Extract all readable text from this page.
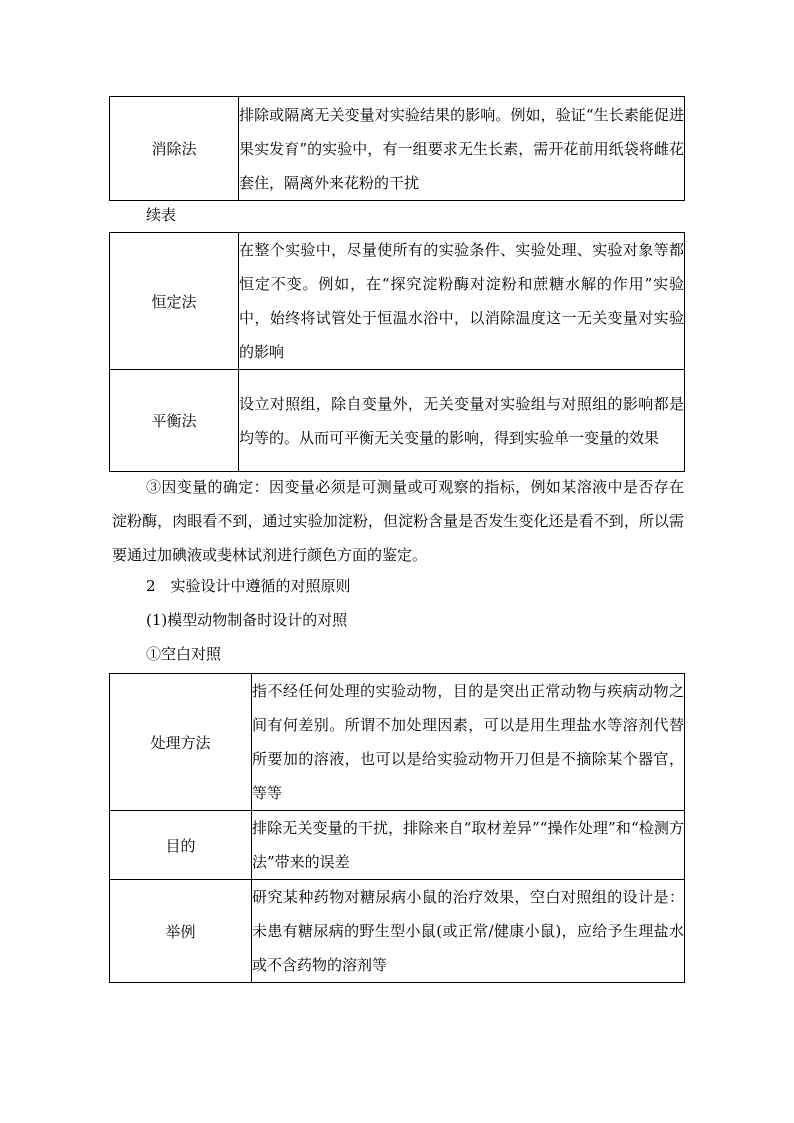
消除法	排除或隔离无关变量对实验结果的影响。例如，验证“生长素能促进果实发育”的实验中，有一组要求无生长素，需开花前用纸袋将雌花套住，隔离外来花粉的干扰
续表
恒定法	在整个实验中，尽量使所有的实验条件、实验处理、实验对象等都恒定不变。例如，在“探究淀粉酶对淀粉和蔗糖水解的作用”实验中，始终将试管处于恒温水浴中，以消除温度这一无关变量对实验的影响
平衡法	设立对照组，除自变量外，无关变量对实验组与对照组的影响都是均等的。从而可平衡无关变量的影响，得到实验单一变量的效果
③因变量的确定：因变量必须是可测量或可观察的指标，例如某溶液中是否存在淀粉酶，肉眼看不到，通过实验加淀粉，但淀粉含量是否发生变化还是看不到，所以需要通过加碘液或斐林试剂进行颜色方面的鉴定。
2　实验设计中遵循的对照原则
(1)模型动物制备时设计的对照
①空白对照
处理方法	指不经任何处理的实验动物，目的是突出正常动物与疾病动物之间有何差别。所谓不加处理因素，可以是用生理盐水等溶剂代替所要加的溶液，也可以是给实验动物开刀但是不摘除某个器官，等等
目的	排除无关变量的干扰，排除来自“取材差异”“操作处理”和“检测方法”带来的误差
举例	研究某种药物对糖尿病小鼠的治疗效果，空白对照组的设计是：未患有糖尿病的野生型小鼠(或正常/健康小鼠)，应给予生理盐水或不含药物的溶剂等
